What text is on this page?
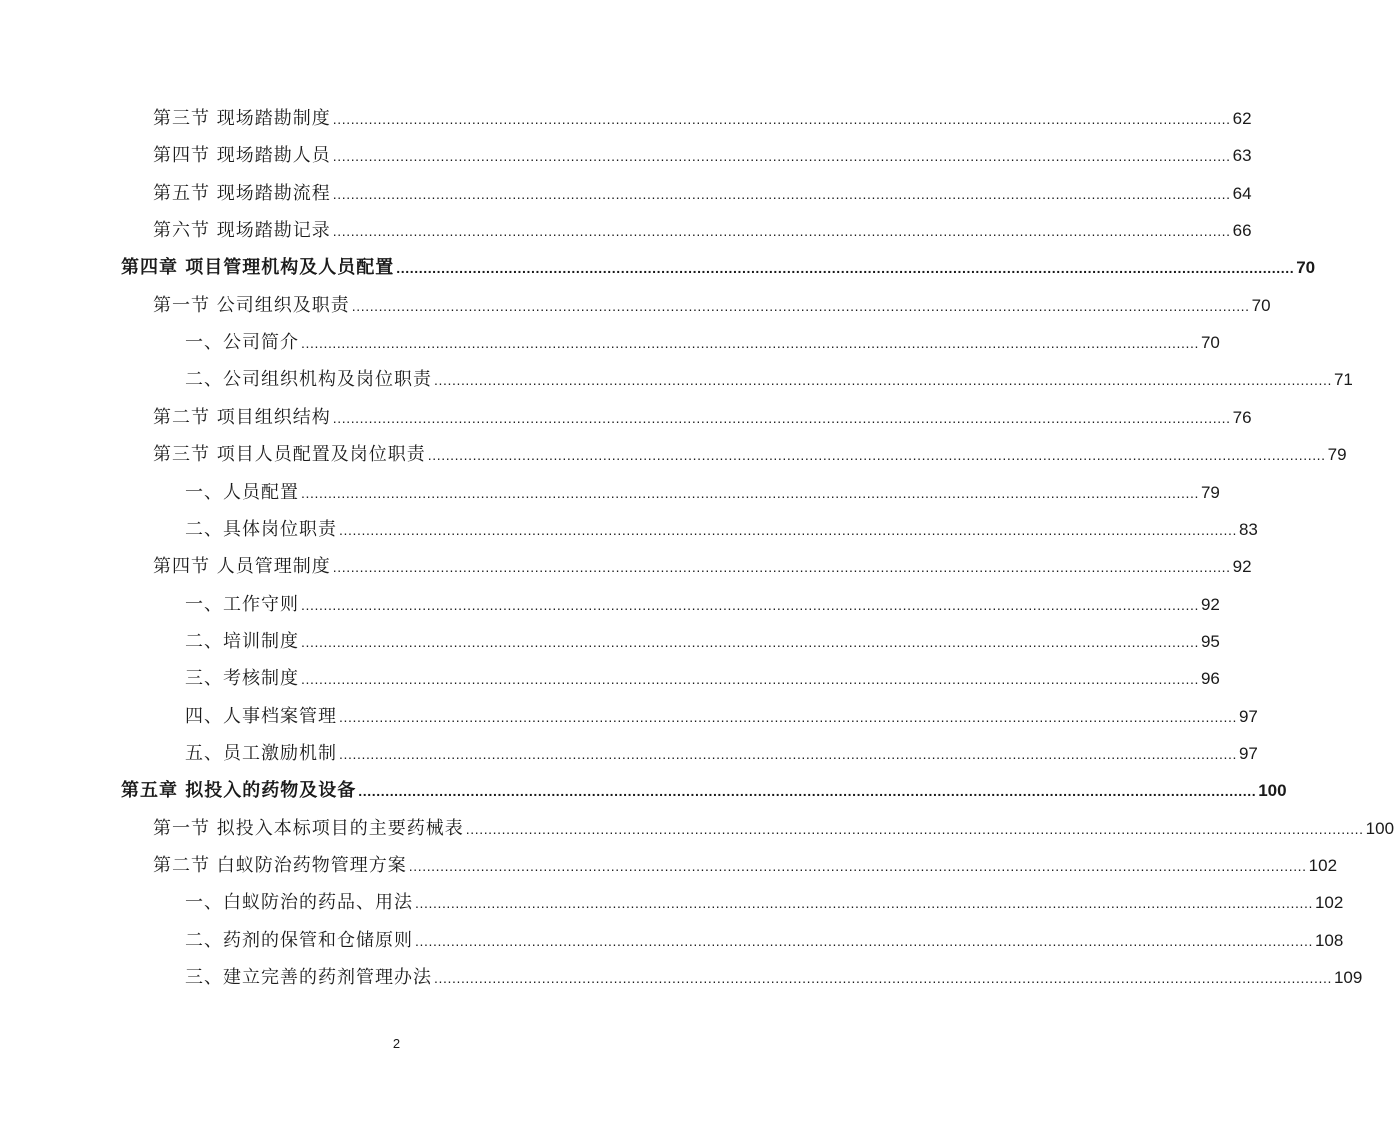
第三节 现场踏勘制度 ........................................................................................................................................................................................................ 62
第四节 现场踏勘人员 ........................................................................................................................................................................................................ 63
第五节 现场踏勘流程 ........................................................................................................................................................................................................ 64
第六节 现场踏勘记录 ........................................................................................................................................................................................................ 66
第四章 项目管理机构及人员配置 ........................................................................................................................................................................................................ 70
第一节 公司组织及职责 ........................................................................................................................................................................................................ 70
一、公司简介 ........................................................................................................................................................................................................ 70
二、公司组织机构及岗位职责 ........................................................................................................................................................................................................ 71
第二节 项目组织结构 ........................................................................................................................................................................................................ 76
第三节 项目人员配置及岗位职责 ........................................................................................................................................................................................................ 79
一、人员配置 ........................................................................................................................................................................................................ 79
二、具体岗位职责 ........................................................................................................................................................................................................ 83
第四节 人员管理制度 ........................................................................................................................................................................................................ 92
一、工作守则 ........................................................................................................................................................................................................ 92
二、培训制度 ........................................................................................................................................................................................................ 95
三、考核制度 ........................................................................................................................................................................................................ 96
四、人事档案管理 ........................................................................................................................................................................................................ 97
五、员工激励机制 ........................................................................................................................................................................................................ 97
第五章 拟投入的药物及设备 ........................................................................................................................................................................................................ 100
第一节 拟投入本标项目的主要药械表 ........................................................................................................................................................................................................ 100
第二节 白蚁防治药物管理方案 ........................................................................................................................................................................................................ 102
一、白蚁防治的药品、用法 ........................................................................................................................................................................................................ 102
二、药剂的保管和仓储原则 ........................................................................................................................................................................................................ 108
三、建立完善的药剂管理办法 ........................................................................................................................................................................................................ 109
2
